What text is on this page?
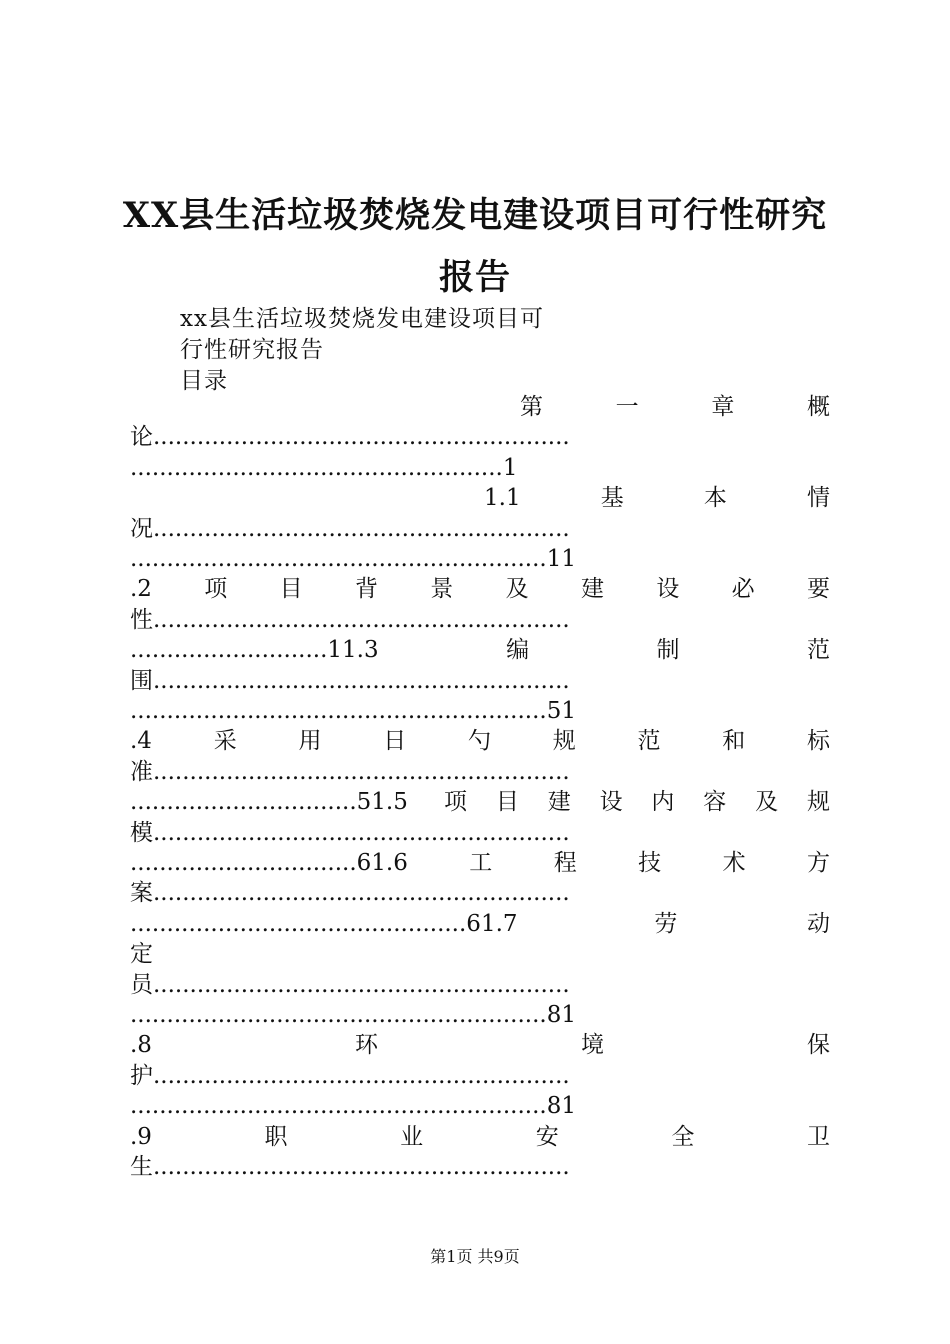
XX县生活垃圾焚烧发电建设项目可行性研究
报告
xx县生活垃圾焚烧发电建设项目可
行性研究报告
目录
第　　一　　章　　概
论.........................................................
...................................................1
1.1　　基　　本　　情
况.........................................................
.........................................................11
.2　项　目　背　景　及　建　设　必　要
性.........................................................
...........................11.3　　编　　制　　范
围.........................................................
.........................................................51
.4　采　用　日　勺　规　范　和　标
准.........................................................
...............................51.5 项目建设内容及规
模.........................................................
...............................61.6　工　程　技　术　方
案.........................................................
..............................................61.7 劳动
定
员.........................................................
.........................................................81
.8　　　环　　　境　　　保
护.........................................................
.........................................................81
.9　　职　　业　　安　　全　　卫
生.........................................................
第1页 共9页
